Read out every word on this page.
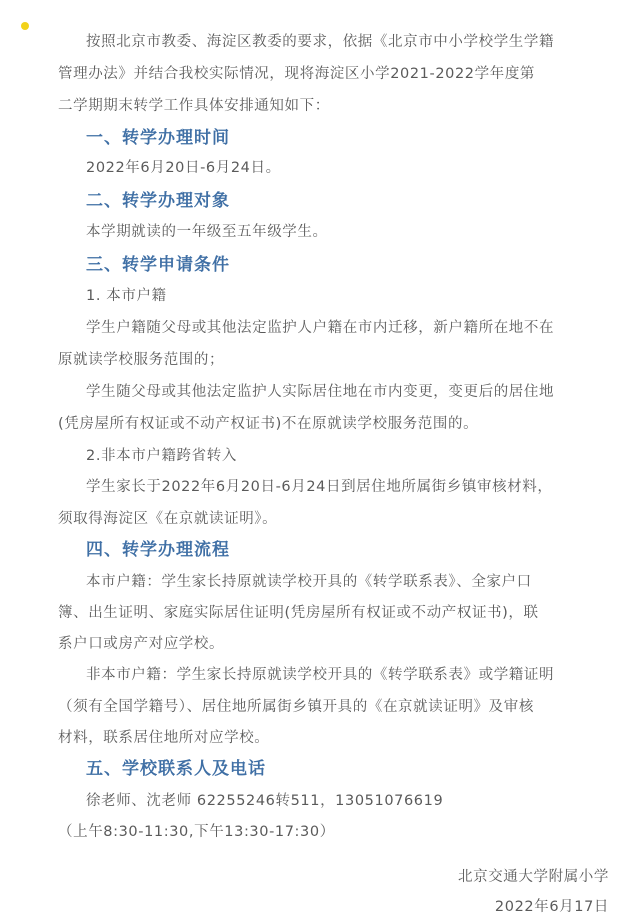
按照北京市教委、海淀区教委的要求，依据《北京市中小学校学生学籍
管理办法》并结合我校实际情况，现将海淀区小学2021-2022学年度第
二学期期末转学工作具体安排通知如下：
一、转学办理时间
2022年6月20日-6月24日。
二、转学办理对象
本学期就读的一年级至五年级学生。
三、转学申请条件
1. 本市户籍
学生户籍随父母或其他法定监护人户籍在市内迁移，新户籍所在地不在
原就读学校服务范围的；
学生随父母或其他法定监护人实际居住地在市内变更，变更后的居住地
(凭房屋所有权证或不动产权证书)不在原就读学校服务范围的。
2.非本市户籍跨省转入
学生家长于2022年6月20日-6月24日到居住地所属街乡镇审核材料，
须取得海淀区《在京就读证明》。
四、转学办理流程
本市户籍：学生家长持原就读学校开具的《转学联系表》、全家户口
簿、出生证明、家庭实际居住证明(凭房屋所有权证或不动产权证书)，联
系户口或房产对应学校。
非本市户籍：学生家长持原就读学校开具的《转学联系表》或学籍证明
（须有全国学籍号）、居住地所属街乡镇开具的《在京就读证明》及审核
材料，联系居住地所对应学校。
五、学校联系人及电话
徐老师、沈老师 62255246转511，13051076619
（上午8:30-11:30,下午13:30-17:30）
北京交通大学附属小学
2022年6月17日
